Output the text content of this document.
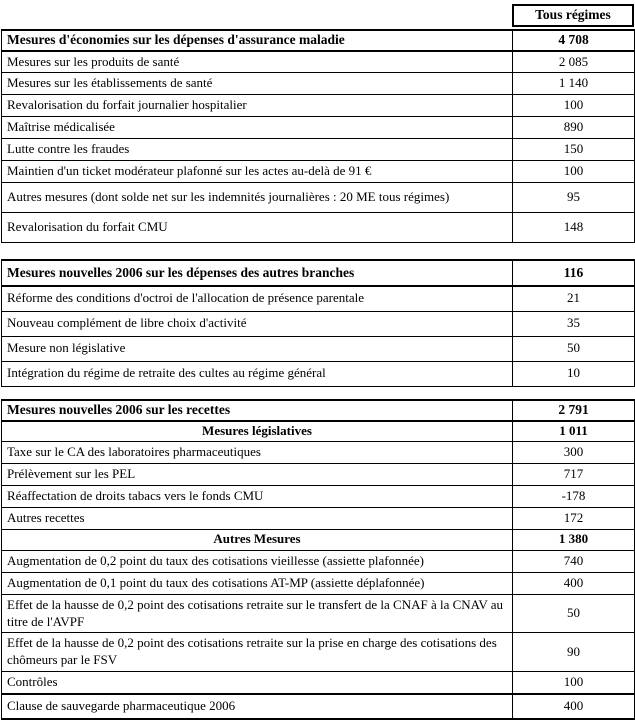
Tous régimes
Mesures d'économies sur les dépenses d'assurance maladie	4 708
Mesures sur les produits de santé	2 085
Mesures sur les établissements de santé	1 140
Revalorisation du forfait journalier hospitalier	100
Maîtrise médicalisée	890
Lutte contre les fraudes	150
Maintien d'un ticket modérateur plafonné sur les actes au-delà de 91 €	100
Autres mesures (dont solde net sur les indemnités journalières : 20 ME tous régimes)	95
Revalorisation du forfait CMU	148
Mesures nouvelles 2006 sur les dépenses des autres branches	116
Réforme des conditions d'octroi de l'allocation de présence parentale	21
Nouveau complément de libre choix d'activité	35
Mesure non législative	50
Intégration du régime de retraite des cultes au régime général	10
Mesures nouvelles 2006 sur les recettes	2 791
Mesures législatives	1 011
Taxe sur le CA des laboratoires pharmaceutiques	300
Prélèvement sur les PEL	717
Réaffectation de droits tabacs vers le fonds CMU	-178
Autres recettes	172
Autres Mesures	1 380
Augmentation de 0,2 point du taux des cotisations vieillesse (assiette plafonnée)	740
Augmentation de 0,1 point du taux des cotisations AT-MP (assiette déplafonnée)	400
Effet de la hausse de 0,2 point des cotisations retraite sur le transfert de la CNAF à la CNAV au titre de l'AVPF	50
Effet de la hausse de 0,2 point des cotisations retraite sur la prise en charge des cotisations des chômeurs par le FSV	90
Contrôles	100
Clause de sauvegarde pharmaceutique 2006	400
